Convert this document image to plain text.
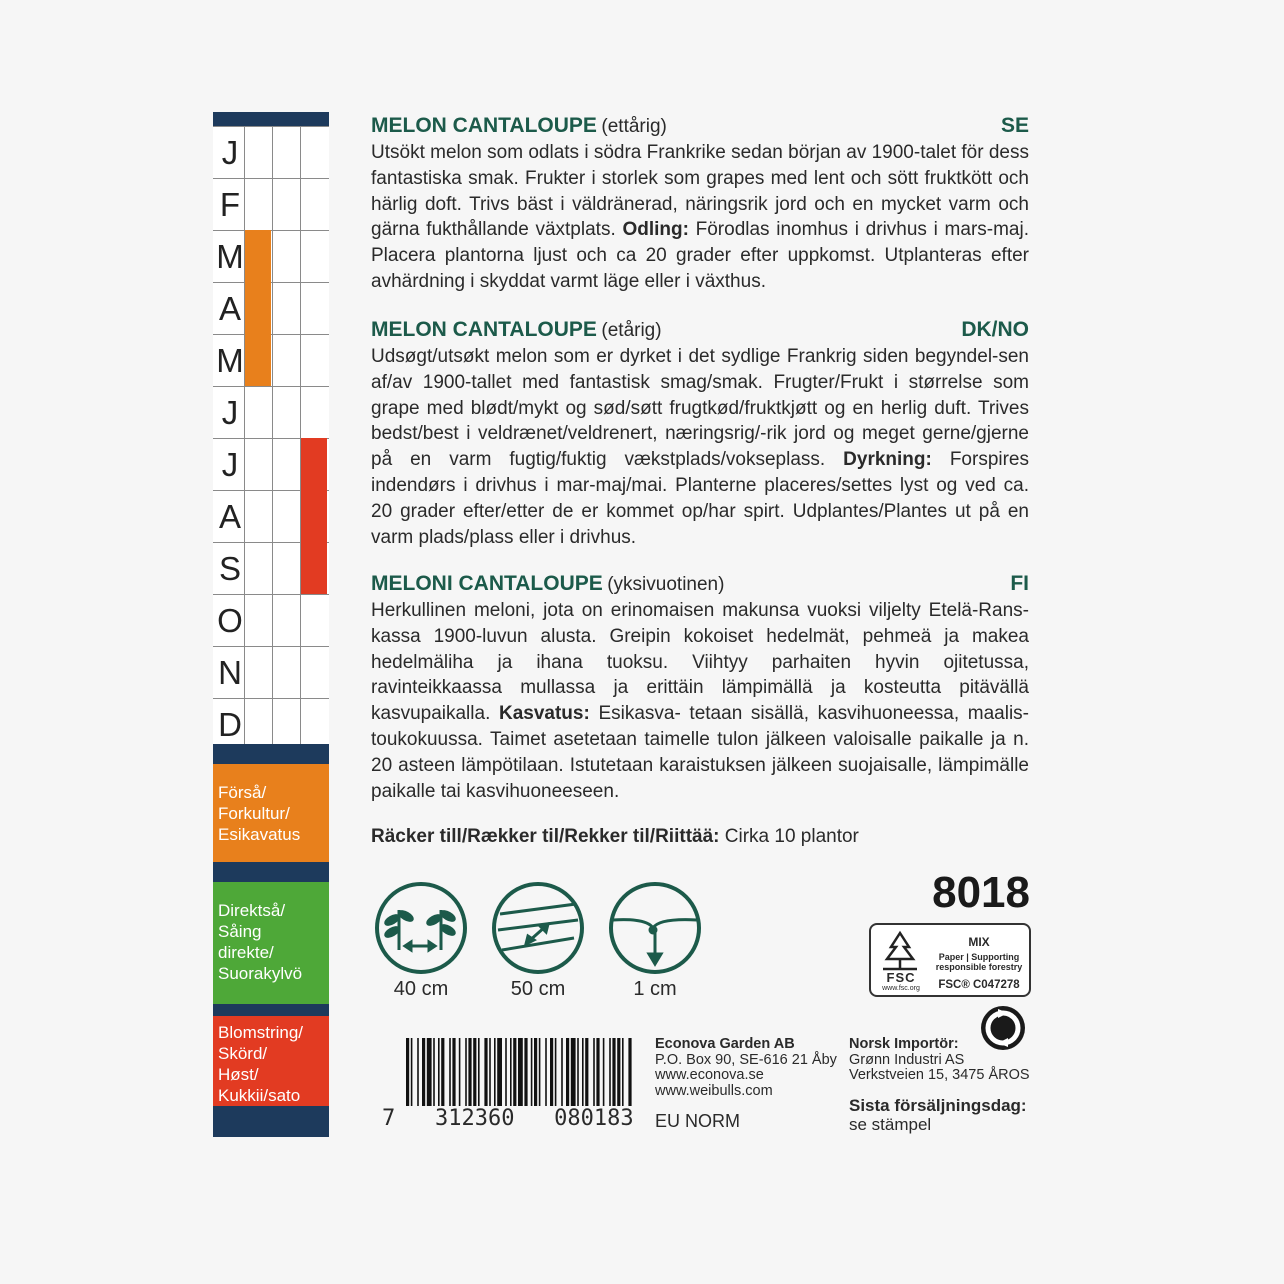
J
F
M
A
M
J
J
A
S
O
N
D
Förså/
Forkultur/
Esikavatus
Direktså/
Såing
direkte/
Suorakylvö
Blomstring/
Skörd/
Høst/
Kukkii/sato
MELON CANTALOUPE (ettårig)	SE

Utsökt melon som odlats i södra Frankrike sedan början av 1900-talet för dess fantastiska smak. Frukter i storlek som grapes med lent och sött fruktkött och härlig doft. Trivs bäst i väldränerad, näringsrik jord och en mycket varm och gärna fukthållande växtplats. Odling: Förodlas inomhus i drivhus i mars-maj. Placera plantorna ljust och ca 20 grader efter uppkomst. Utplanteras efter avhärdning i skyddat varmt läge eller i växthus.

MELON CANTALOUPE (etårig)	DK/NO

Udsøgt/utsøkt melon som er dyrket i det sydlige Frankrig siden begyndel-sen af/av 1900-tallet med fantastisk smag/smak. Frugter/Frukt i størrelse som grape med blødt/mykt og sød/søtt frugtkød/fruktkjøtt og en herlig duft. Trives bedst/best i veldrænet/veldrenert, næringsrig/-rik jord og meget gerne/gjerne på en varm fugtig/fuktig vækstplads/vokseplass. Dyrkning: Forspires indendørs i drivhus i mar-maj/mai. Planterne placeres/settes lyst og ved ca. 20 grader efter/etter de er kommet op/har spirt. Udplantes/Plantes ut på en varm plads/plass eller i drivhus.

MELONI CANTALOUPE (yksivuotinen)	FI

Herkullinen meloni, jota on erinomaisen makunsa vuoksi viljelty Etelä-Rans-kassa 1900-luvun alusta. Greipin kokoiset hedelmät, pehmeä ja makea hedelmäliha ja ihana tuoksu. Viihtyy parhaiten hyvin ojitetussa, ravinteikkaassa mullassa ja erittäin lämpimällä ja kosteutta pitävällä kasvupaikalla. Kasvatus: Esikasva- tetaan sisällä, kasvihuoneessa, maalis-toukokuussa. Taimet asetetaan taimelle tulon jälkeen valoisalle paikalle ja n. 20 asteen lämpötilaan. Istutetaan karaistuksen jälkeen suojaisalle, lämpimälle paikalle tai kasvihuoneeseen.

Räcker till/Rækker til/Rekker til/Riittää: Cirka 10 plantor
40 cm	50 cm	1 cm
8018
FSC
www.fsc.org
MIX
Paper | Supporting
responsible forestry
FSC® C047278
7   312360   080183
Econova Garden AB
P.O. Box 90, SE-616 21 Åby
www.econova.se
www.weibulls.com
EU NORM
Norsk Importör:
Grønn Industri AS
Verkstveien 15, 3475 ÅROS
Sista försäljningsdag:
se stämpel
